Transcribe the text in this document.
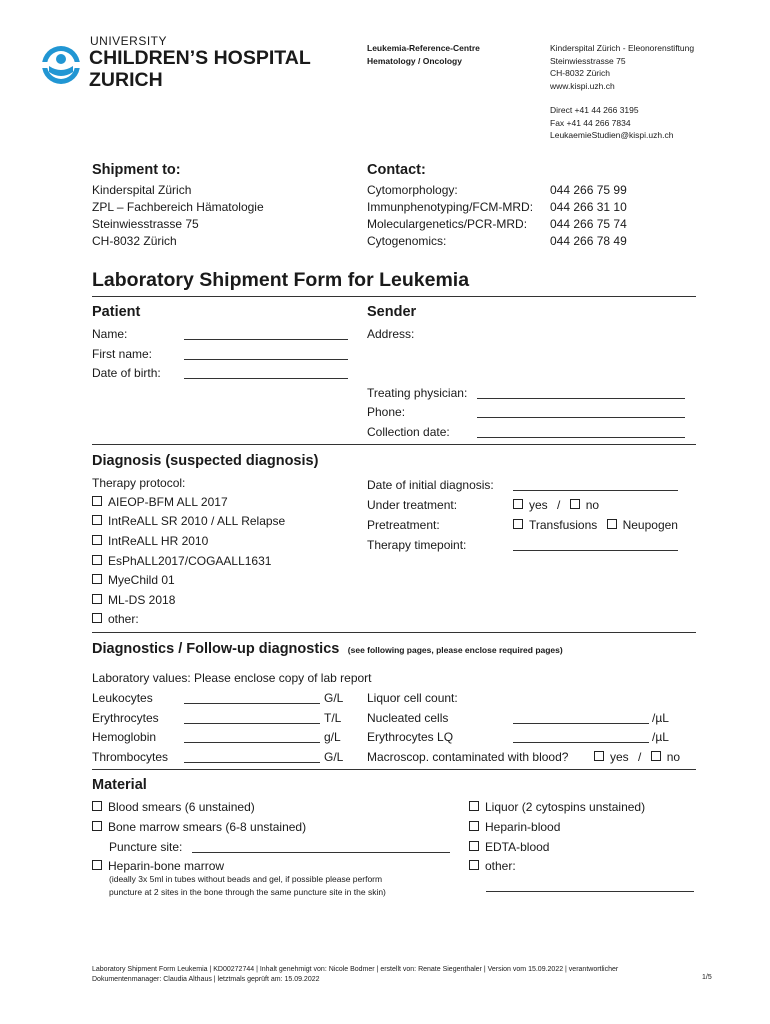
UNIVERSITY
CHILDREN’S HOSPITAL
ZURICH
Leukemia-Reference-Centre
Hematology / Oncology
Kinderspital Zürich - Eleonorenstiftung
Steinwiesstrasse 75
CH-8032 Zürich
www.kispi.uzh.ch
Direct +41 44 266 3195
Fax +41 44 266 7834
LeukaemieStudien@kispi.uzh.ch
Shipment to:
Kinderspital Zürich
ZPL – Fachbereich Hämatologie
Steinwiesstrasse 75
CH-8032 Zürich
Contact:
Cytomorphology:	044 266 75 99
Immunphenotyping/FCM-MRD: 044 266 31 10
Moleculargenetics/PCR-MRD: 044 266 75 74
Cytogenomics:	044 266 78 49
Laboratory Shipment Form for Leukemia
Patient
Name:
First name:
Date of birth:
Sender
Address:
Treating physician:
Phone:
Collection date:
Diagnosis (suspected diagnosis)
Therapy protocol:
AIEOP-BFM ALL 2017
IntReALL SR 2010 / ALL Relapse
IntReALL HR 2010
EsPhALL2017/COGAALL1631
MyeChild 01
ML-DS 2018
other:
Date of initial diagnosis:
Under treatment:	yes / no
Pretreatment:	Transfusions Neupogen
Therapy timepoint:
Diagnostics / Follow-up diagnostics (see following pages, please enclose required pages)
Laboratory values: Please enclose copy of lab report
Leukocytes	G/L
Erythrocytes	T/L
Hemoglobin	g/L
Thrombocytes	G/L
Liquor cell count:
Nucleated cells	/µL
Erythrocytes LQ	/µL
Macroscop. contaminated with blood?	yes / no
Material
Blood smears (6 unstained)
Bone marrow smears (6-8 unstained)
Puncture site:
Heparin-bone marrow
(ideally 3x 5ml in tubes without beads and gel, if possible please perform
puncture at 2 sites in the bone through the same puncture site in the skin)
Liquor (2 cytospins unstained)
Heparin-blood
EDTA-blood
other:
Laboratory Shipment Form Leukemia | KD00272744 | Inhalt genehmigt von: Nicole Bodmer | erstellt von: Renate Siegenthaler | Version vom 15.09.2022 | verantwortlicher
Dokumentenmanager: Claudia Althaus | letztmals geprüft am: 15.09.2022	1/5
